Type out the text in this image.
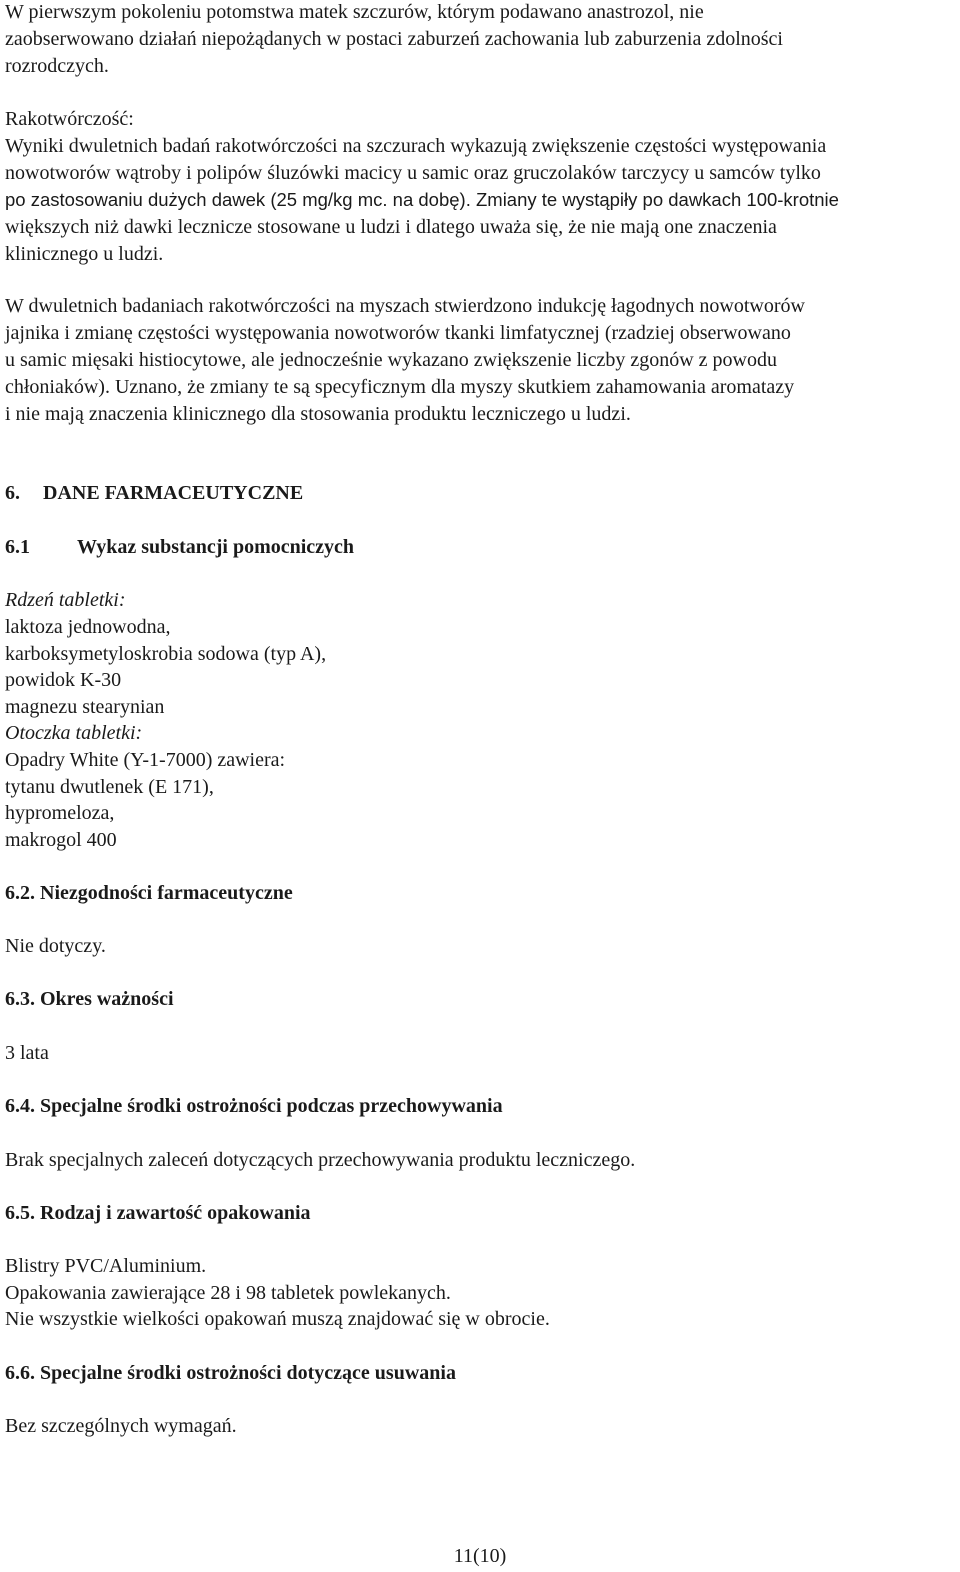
W pierwszym pokoleniu potomstwa matek szczurów, którym podawano anastrozol, nie
zaobserwowano działań niepożądanych w postaci zaburzeń zachowania lub zaburzenia zdolności
rozrodczych.
Rakotwórczość:
Wyniki dwuletnich badań rakotwórczości na szczurach wykazują zwiększenie częstości występowania
nowotworów wątroby i polipów śluzówki macicy u samic oraz gruczolaków tarczycy u samców tylko
po zastosowaniu dużych dawek (25 mg/kg mc. na dobę). Zmiany te wystąpiły po dawkach 100-krotnie
większych niż dawki lecznicze stosowane u ludzi i dlatego uważa się, że nie mają one znaczenia
klinicznego u ludzi.
W dwuletnich badaniach rakotwórczości na myszach stwierdzono indukcję łagodnych nowotworów
jajnika i zmianę częstości występowania nowotworów tkanki limfatycznej (rzadziej obserwowano
u samic mięsaki histiocytowe, ale jednocześnie wykazano zwiększenie liczby zgonów z powodu
chłoniaków). Uznano, że zmiany te są specyficznym dla myszy skutkiem zahamowania aromatazy
i nie mają znaczenia klinicznego dla stosowania produktu leczniczego u ludzi.
6. DANE FARMACEUTYCZNE
6.1 Wykaz substancji pomocniczych
Rdzeń tabletki:
laktoza jednowodna,
karboksymetyloskrobia sodowa (typ A),
powidok K-30
magnezu stearynian
Otoczka tabletki:
Opadry White (Y-1-7000) zawiera:
tytanu dwutlenek (E 171),
hypromeloza,
makrogol 400
6.2. Niezgodności farmaceutyczne
Nie dotyczy.
6.3. Okres ważności
3 lata
6.4. Specjalne środki ostrożności podczas przechowywania
Brak specjalnych zaleceń dotyczących przechowywania produktu leczniczego.
6.5. Rodzaj i zawartość opakowania
Blistry PVC/Aluminium.
Opakowania zawierające 28 i 98 tabletek powlekanych.
Nie wszystkie wielkości opakowań muszą znajdować się w obrocie.
6.6. Specjalne środki ostrożności dotyczące usuwania
Bez szczególnych wymagań.
11(10)
